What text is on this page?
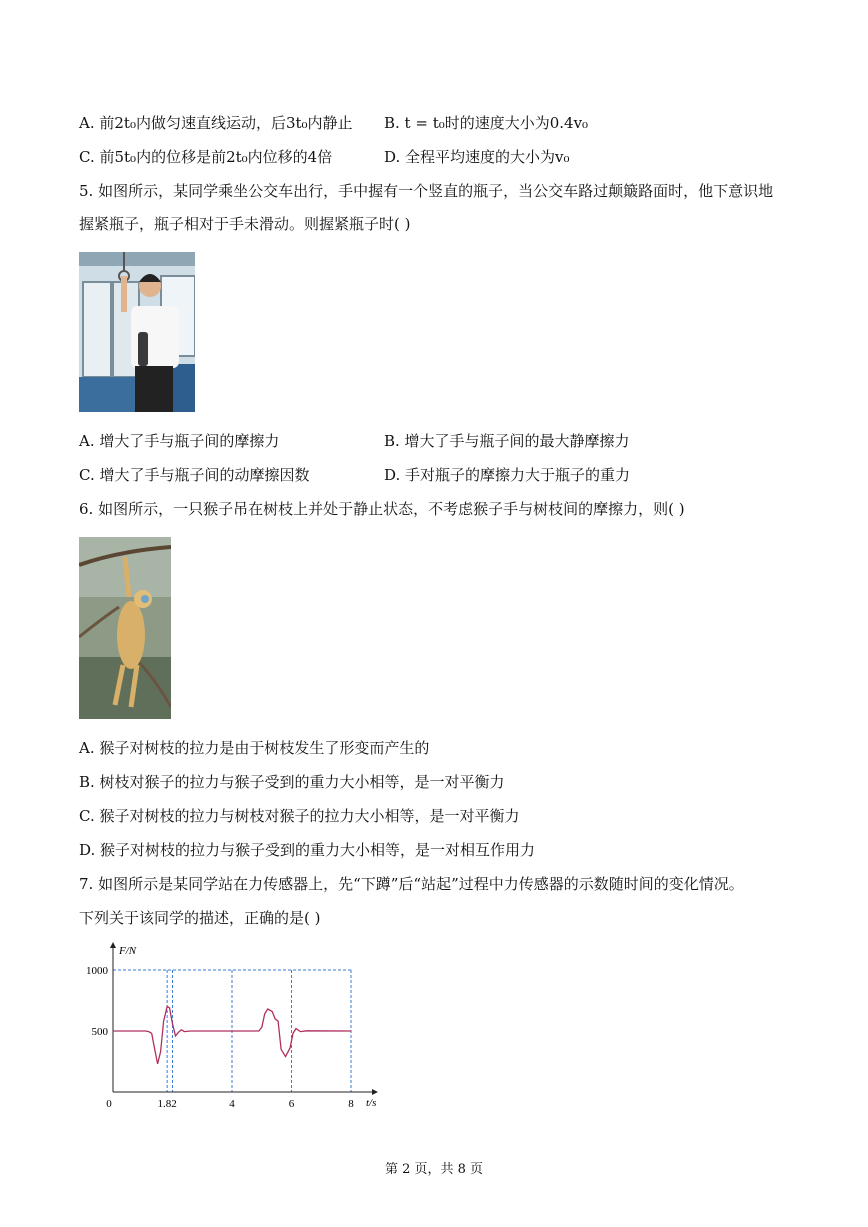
A. 前2t₀内做匀速直线运动，后3t₀内静止 B. t = t₀时的速度大小为0.4v₀
C. 前5t₀内的位移是前2t₀内位移的4倍	D. 全程平均速度的大小为v₀
5. 如图所示，某同学乘坐公交车出行，手中握有一个竖直的瓶子，当公交车路过颠簸路面时，他下意识地
握紧瓶子，瓶子相对于手未滑动。则握紧瓶子时( )
A. 增大了手与瓶子间的摩擦力	B. 增大了手与瓶子间的最大静摩擦力
C. 增大了手与瓶子间的动摩擦因数	D. 手对瓶子的摩擦力大于瓶子的重力
6. 如图所示，一只猴子吊在树枝上并处于静止状态，不考虑猴子手与树枝间的摩擦力，则( )
A. 猴子对树枝的拉力是由于树枝发生了形变而产生的
B. 树枝对猴子的拉力与猴子受到的重力大小相等，是一对平衡力
C. 猴子对树枝的拉力与树枝对猴子的拉力大小相等，是一对平衡力
D. 猴子对树枝的拉力与猴子受到的重力大小相等，是一对相互作用力
7. 如图所示是某同学站在力传感器上，先“下蹲”后“站起”过程中力传感器的示数随时间的变化情况。
下列关于该同学的描述，正确的是( )
500
1000
0	1.82	4	6	8
F/N
t/s
第 2 页，共 8 页
